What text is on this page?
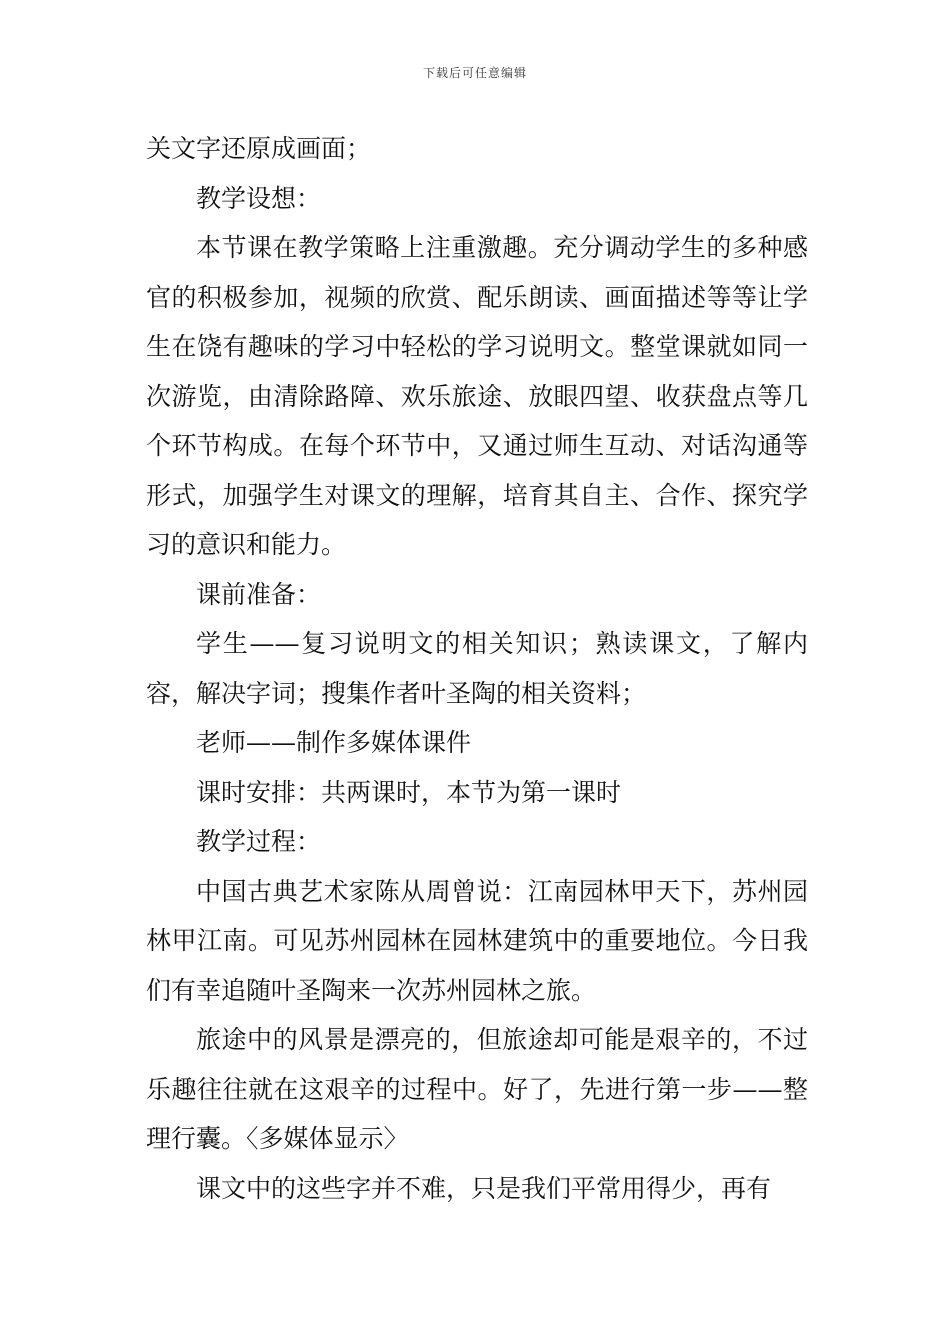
下载后可任意编辑

关文字还原成画面；

教学设想：

本节课在教学策略上注重激趣。充分调动学生的多种感官的积极参加，视频的欣赏、配乐朗读、画面描述等等让学生在饶有趣味的学习中轻松的学习说明文。整堂课就如同一次游览，由清除路障、欢乐旅途、放眼四望、收获盘点等几个环节构成。在每个环节中，又通过师生互动、对话沟通等形式，加强学生对课文的理解，培育其自主、合作、探究学习的意识和能力。

课前准备：

学生——复习说明文的相关知识；熟读课文，了解内容，解决字词；搜集作者叶圣陶的相关资料；

老师——制作多媒体课件

课时安排：共两课时，本节为第一课时

教学过程：

中国古典艺术家陈从周曾说：江南园林甲天下，苏州园林甲江南。可见苏州园林在园林建筑中的重要地位。今日我们有幸追随叶圣陶来一次苏州园林之旅。

旅途中的风景是漂亮的，但旅途却可能是艰辛的，不过乐趣往往就在这艰辛的过程中。好了，先进行第一步——整理行囊。〈多媒体显示〉

课文中的这些字并不难，只是我们平常用得少，再有
